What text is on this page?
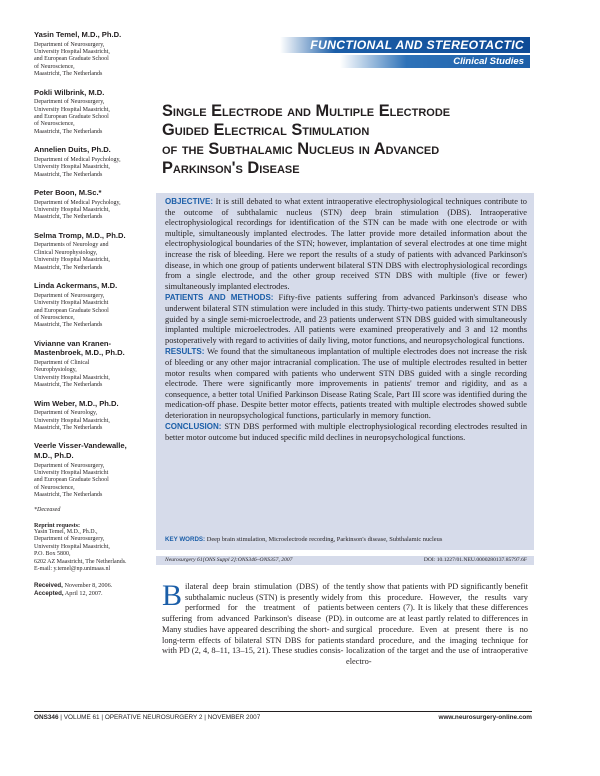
Yasin Temel, M.D., Ph.D.
Department of Neurosurgery,
University Hospital Maastricht,
and European Graduate School
of Neuroscience,
Maastricht, The Netherlands
Pokli Wilbrink, M.D.
Department of Neurosurgery,
University Hospital Maastricht,
and European Graduate School
of Neuroscience,
Maastricht, The Netherlands
Annelien Duits, Ph.D.
Department of Medical Psychology,
University Hospital Maastricht,
Maastricht, The Netherlands
Peter Boon, M.Sc.*
Department of Medical Psychology,
University Hospital Maastricht,
Maastricht, The Netherlands
Selma Tromp, M.D., Ph.D.
Departments of Neurology and
Clinical Neurophysiology,
University Hospital Maastricht,
Maastricht, The Netherlands
Linda Ackermans, M.D.
Department of Neurosurgery,
University Hospital Maastricht
and European Graduate School
of Neuroscience,
Maastricht, The Netherlands
Vivianne van Kranen-
Mastenbroek, M.D., Ph.D.
Department of Clinical
Neurophysiology,
University Hospital Maastricht,
Maastricht, The Netherlands
Wim Weber, M.D., Ph.D.
Department of Neurology,
University Hospital Maastricht,
Maastricht, The Netherlands
Veerle Visser-Vandewalle,
M.D., Ph.D.
Department of Neurosurgery,
University Hospital Maastricht
and European Graduate School
of Neuroscience,
Maastricht, The Netherlands
*Deceased
Reprint requests:
Yasin Temel, M.D., Ph.D.,
Department of Neurosurgery,
University Hospital Maastricht,
P.O. Box 5800,
6202 AZ Maastricht, The Netherlands.
E-mail: y.temel@np.unimaas.nl
Received, November 8, 2006.
Accepted, April 12, 2007.
FUNCTIONAL AND STEREOTACTIC
Clinical Studies
Single Electrode and Multiple Electrode
Guided Electrical Stimulation
of the Subthalamic Nucleus in Advanced
Parkinson's Disease

OBJECTIVE: It is still debated to what extent intraoperative electrophysiological techniques contribute to the outcome of subthalamic nucleus (STN) deep brain stimulation (DBS). Intraoperative electrophysiological recordings for identification of the STN can be made with one electrode or with multiple, simultaneously implanted electrodes. The latter provide more detailed information about the electrophysiological boundaries of the STN; however, implantation of several electrodes at one time might increase the risk of bleeding. Here we report the results of a study of patients with advanced Parkinson's disease, in which one group of patients underwent bilateral STN DBS with electrophysiological recordings from a single electrode, and the other group received STN DBS with multiple (five or fewer) simultaneously implanted electrodes.

PATIENTS AND METHODS: Fifty-five patients suffering from advanced Parkinson's disease who underwent bilateral STN stimulation were included in this study. Thirty-two patients underwent STN DBS guided by a single semi-microelectrode, and 23 patients underwent STN DBS guided with simultaneously implanted multiple microelectrodes. All patients were examined preoperatively and 3 and 12 months postoperatively with regard to activities of daily living, motor functions, and neuropsychological functions.

RESULTS: We found that the simultaneous implantation of multiple electrodes does not increase the risk of bleeding or any other major intracranial complication. The use of multiple electrodes resulted in better motor results when compared with patients who underwent STN DBS guided with a single recording electrode. There were significantly more improvements in patients' tremor and rigidity, and as a consequence, a better total Unified Parkinson Disease Rating Scale, Part III score was identified during the medication-off phase. Despite better motor effects, patients treated with multiple electrodes showed subtle deterioration in neuropsychological functions, particularly in memory function.

CONCLUSION: STN DBS performed with multiple electrophysiological recording electrodes resulted in better motor outcome but induced specific mild declines in neuropsychological functions.

KEY WORDS: Deep brain stimulation, Microelectrode recording, Parkinson's disease, Subthalamic nucleus
Neurosurgery 61[ONS Suppl 2]:ONS346–ONS357, 2007	DOI: 10.1227/01.NEU.0000280137.85797.6F
Bilateral deep brain stimulation (DBS) of the subthalamic nucleus (STN) is presently widely performed for the treatment of patients suffering from advanced Parkinson's disease (PD). Many studies have appeared describing the short- and long-term effects of bilateral STN DBS for patients with PD (2, 4, 8–11, 13–15, 21). These studies consis-
tently show that patients with PD significantly benefit from this procedure. However, the results vary between centers (7). It is likely that these differences in outcome are at least partly related to differences in surgical procedure. Even at present there is no standard procedure, and the imaging technique for localization of the target and the use of intraoperative electro-
ONS346 | VOLUME 61 | OPERATIVE NEUROSURGERY 2 | NOVEMBER 2007	www.neurosurgery-online.com
